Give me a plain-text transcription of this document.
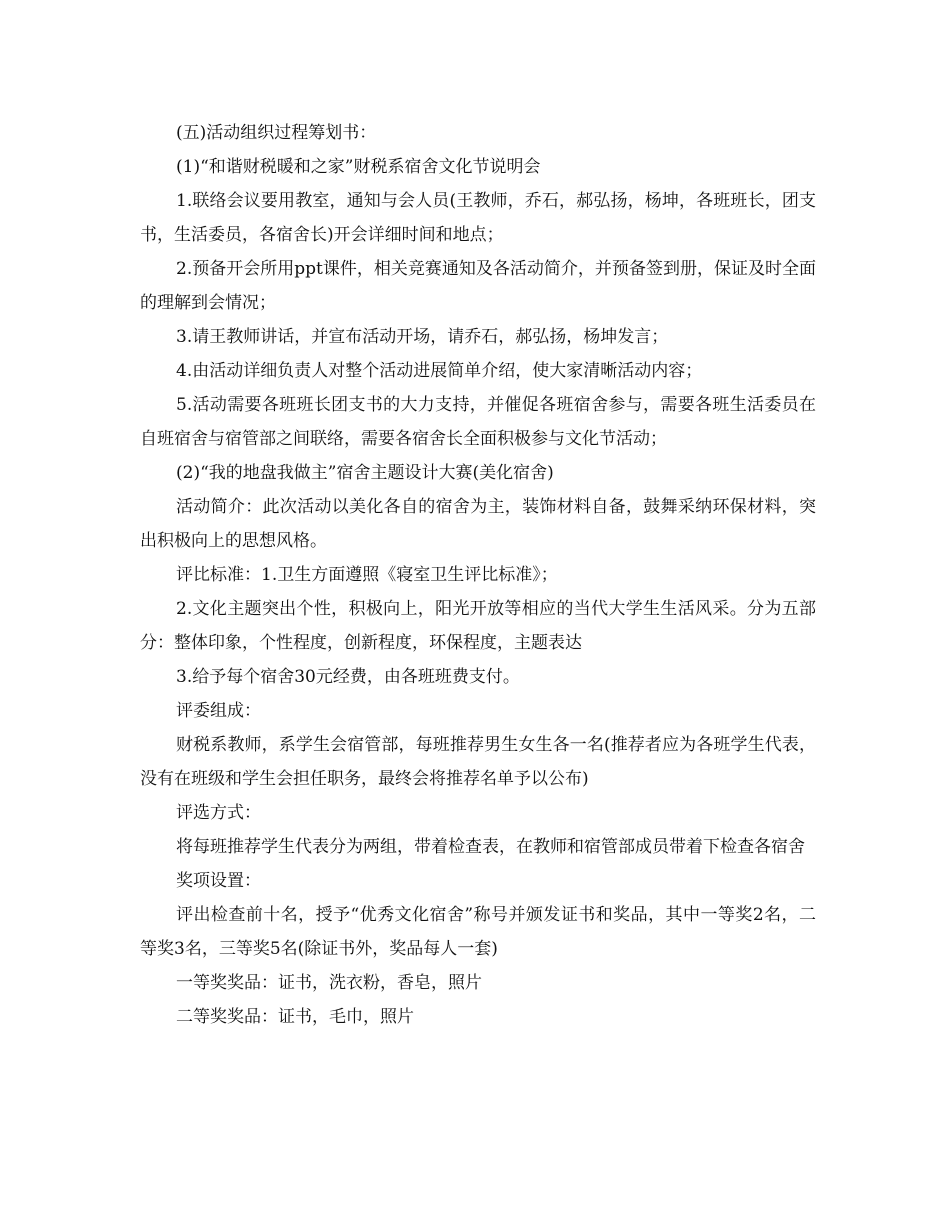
(五)活动组织过程筹划书：

(1)“和谐财税暖和之家”财税系宿舍文化节说明会

1.联络会议要用教室，通知与会人员(王教师，乔石，郝弘扬，杨坤，各班班长，团支书，生活委员，各宿舍长)开会详细时间和地点；

2.预备开会所用ppt课件，相关竞赛通知及各活动简介，并预备签到册，保证及时全面的理解到会情况；

3.请王教师讲话，并宣布活动开场，请乔石，郝弘扬，杨坤发言；

4.由活动详细负责人对整个活动进展简单介绍，使大家清晰活动内容；

5.活动需要各班班长团支书的大力支持，并催促各班宿舍参与，需要各班生活委员在自班宿舍与宿管部之间联络，需要各宿舍长全面积极参与文化节活动；

(2)“我的地盘我做主”宿舍主题设计大赛(美化宿舍)

活动简介：此次活动以美化各自的宿舍为主，装饰材料自备，鼓舞采纳环保材料，突出积极向上的思想风格。

评比标准：1.卫生方面遵照《寝室卫生评比标准》；

2.文化主题突出个性，积极向上，阳光开放等相应的当代大学生生活风采。分为五部分：整体印象，个性程度，创新程度，环保程度，主题表达

3.给予每个宿舍30元经费，由各班班费支付。

评委组成：

财税系教师，系学生会宿管部，每班推荐男生女生各一名(推荐者应为各班学生代表，没有在班级和学生会担任职务，最终会将推荐名单予以公布)

评选方式：

将每班推荐学生代表分为两组，带着检查表，在教师和宿管部成员带着下检查各宿舍

奖项设置：

评出检查前十名，授予“优秀文化宿舍”称号并颁发证书和奖品，其中一等奖2名，二等奖3名，三等奖5名(除证书外，奖品每人一套)

一等奖奖品：证书，洗衣粉，香皂，照片

二等奖奖品：证书，毛巾，照片
